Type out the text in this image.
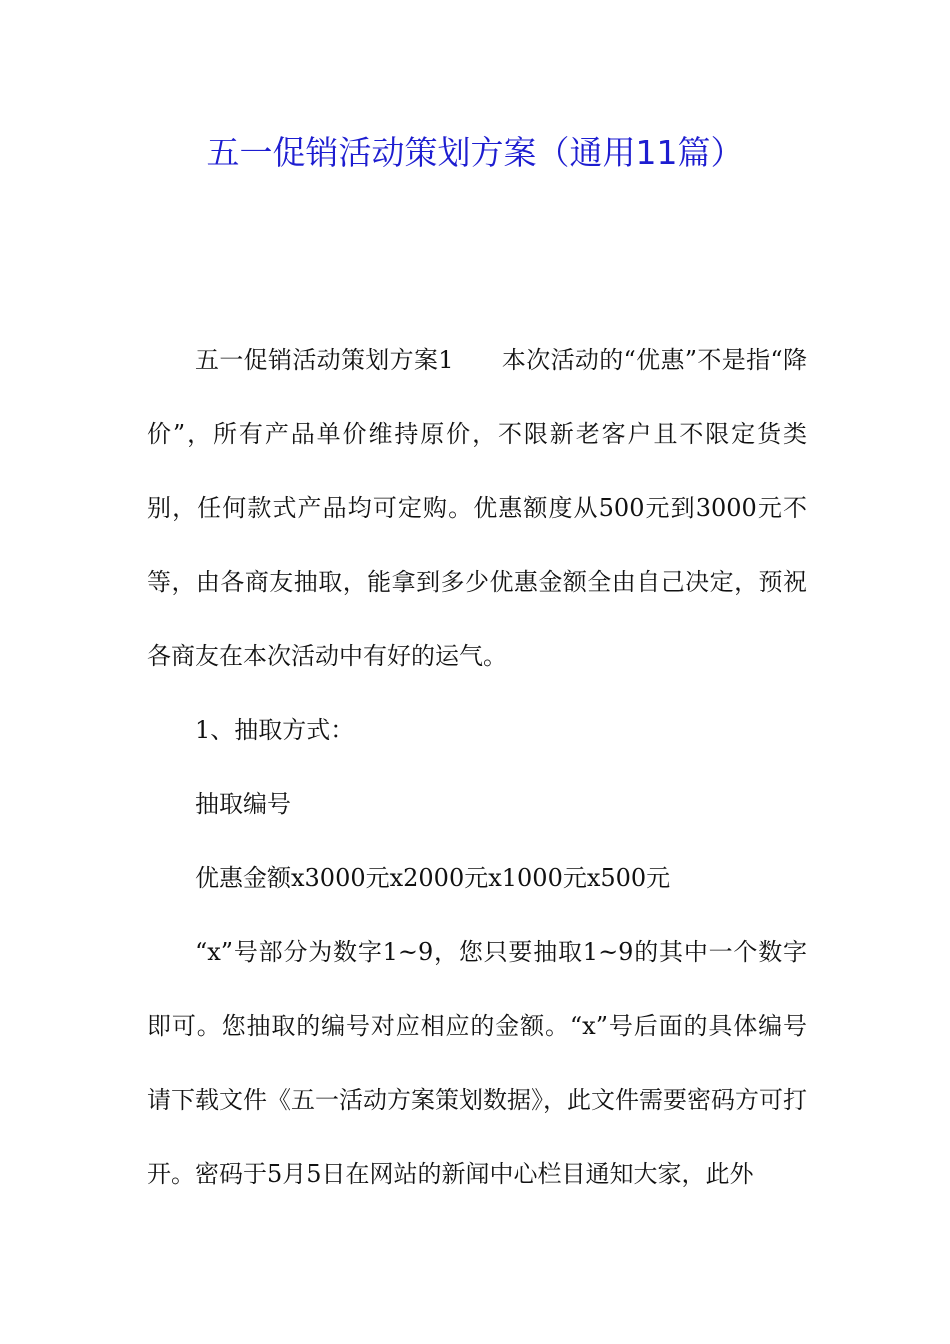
五一促销活动策划方案（通用11篇）

五一促销活动策划方案1 本次活动的“优惠”不是指“降价”，所有产品单价维持原价，不限新老客户且不限定货类别，任何款式产品均可定购。优惠额度从500元到3000元不等，由各商友抽取，能拿到多少优惠金额全由自己决定，预祝各商友在本次活动中有好的运气。

1、抽取方式：

抽取编号

优惠金额x3000元x2000元x1000元x500元

“x”号部分为数字1~9，您只要抽取1~9的其中一个数字即可。您抽取的编号对应相应的金额。“x”号后面的具体编号请下载文件《五一活动方案策划数据》，此文件需要密码方可打开。密码于5月5日在网站的新闻中心栏目通知大家，此外
